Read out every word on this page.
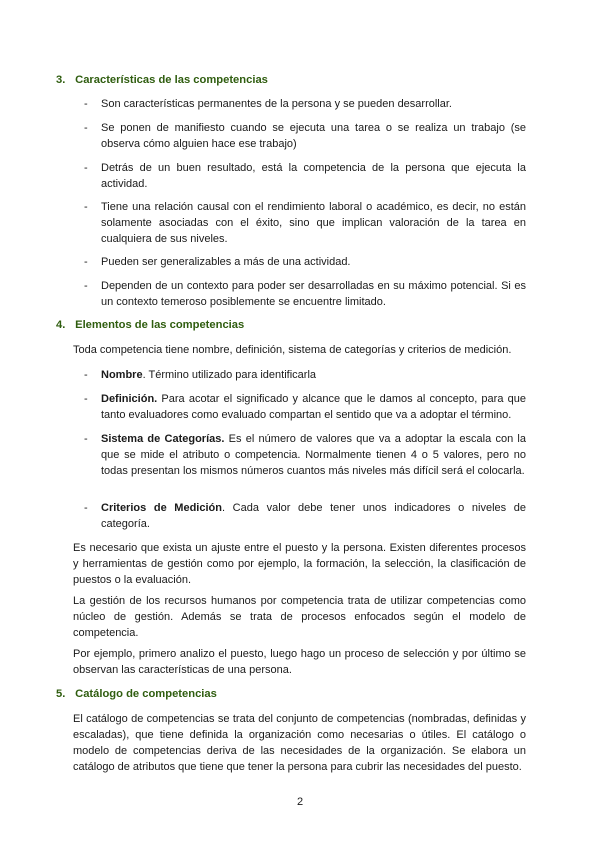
3. Características de las competencias
- Son características permanentes de la persona y se pueden desarrollar.
- Se ponen de manifiesto cuando se ejecuta una tarea o se realiza un trabajo (se observa cómo alguien hace ese trabajo)
- Detrás de un buen resultado, está la competencia de la persona que ejecuta la actividad.
- Tiene una relación causal con el rendimiento laboral o académico, es decir, no están solamente asociadas con el éxito, sino que implican valoración de la tarea en cualquiera de sus niveles.
- Pueden ser generalizables a más de una actividad.
- Dependen de un contexto para poder ser desarrolladas en su máximo potencial. Si es un contexto temeroso posiblemente se encuentre limitado.
4. Elementos de las competencias
Toda competencia tiene nombre, definición, sistema de categorías y criterios de medición.
- Nombre. Término utilizado para identificarla
- Definición. Para acotar el significado y alcance que le damos al concepto, para que tanto evaluadores como evaluado compartan el sentido que va a adoptar el término.
- Sistema de Categorías. Es el número de valores que va a adoptar la escala con la que se mide el atributo o competencia. Normalmente tienen 4 o 5 valores, pero no todas presentan los mismos números cuantos más niveles más difícil será el colocarla.
- Criterios de Medición. Cada valor debe tener unos indicadores o niveles de categoría.
Es necesario que exista un ajuste entre el puesto y la persona. Existen diferentes procesos y herramientas de gestión como por ejemplo, la formación, la selección, la clasificación de puestos o la evaluación.
La gestión de los recursos humanos por competencia trata de utilizar competencias como núcleo de gestión. Además se trata de procesos enfocados según el modelo de competencia.
Por ejemplo, primero analizo el puesto, luego hago un proceso de selección y por último se observan las características de una persona.
5. Catálogo de competencias
El catálogo de competencias se trata del conjunto de competencias (nombradas, definidas y escaladas), que tiene definida la organización como necesarias o útiles. El catálogo o modelo de competencias deriva de las necesidades de la organización. Se elabora un catálogo de atributos que tiene que tener la persona para cubrir las necesidades del puesto.
2
